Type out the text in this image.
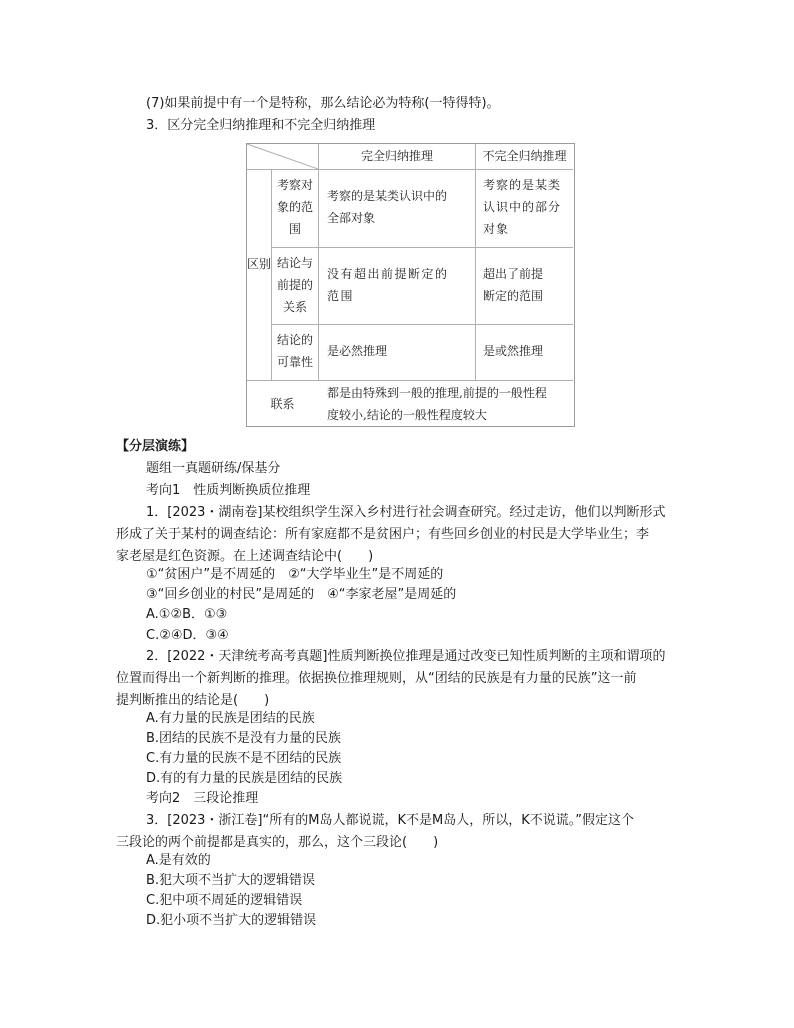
(7)如果前提中有一个是特称，那么结论必为特称(一特得特)。
3．区分完全归纳推理和不完全归纳推理
完全归纳推理	不完全归纳推理
区别
考察对
象的范
围
考察的是某类认识中的
全部对象
考察的是某类
认识中的部分
对象
结论与
前提的
关系
没有超出前提断定的
范围
超出了前提
断定的范围
结论的
可靠性
是必然推理	是或然推理
联系
都是由特殊到一般的推理,前提的一般性程
度较小,结论的一般性程度较大
【分层演练】
题组一真题研练/保基分
考向1　性质判断换质位推理
1．[2023・湖南卷]某校组织学生深入乡村进行社会调查研究。经过走访，他们以判断形式
形成了关于某村的调查结论：所有家庭都不是贫困户；有些回乡创业的村民是大学毕业生；李
家老屋是红色资源。在上述调查结论中(　　)
①“贫困户”是不周延的　②“大学毕业生”是不周延的
③“回乡创业的村民”是周延的　④“李家老屋”是周延的
A.①②B．①③
C.②④D．③④
2．[2022・天津统考高考真题]性质判断换位推理是通过改变已知性质判断的主项和谓项的
位置而得出一个新判断的推理。依据换位推理规则，从“团结的民族是有力量的民族”这一前
提判断推出的结论是(　　)
A.有力量的民族是团结的民族
B.团结的民族不是没有力量的民族
C.有力量的民族不是不团结的民族
D.有的有力量的民族是团结的民族
考向2　三段论推理
3．[2023・浙江卷]“所有的M岛人都说谎，K不是M岛人，所以，K不说谎。”假定这个
三段论的两个前提都是真实的，那么，这个三段论(　　)
A.是有效的
B.犯大项不当扩大的逻辑错误
C.犯中项不周延的逻辑错误
D.犯小项不当扩大的逻辑错误
